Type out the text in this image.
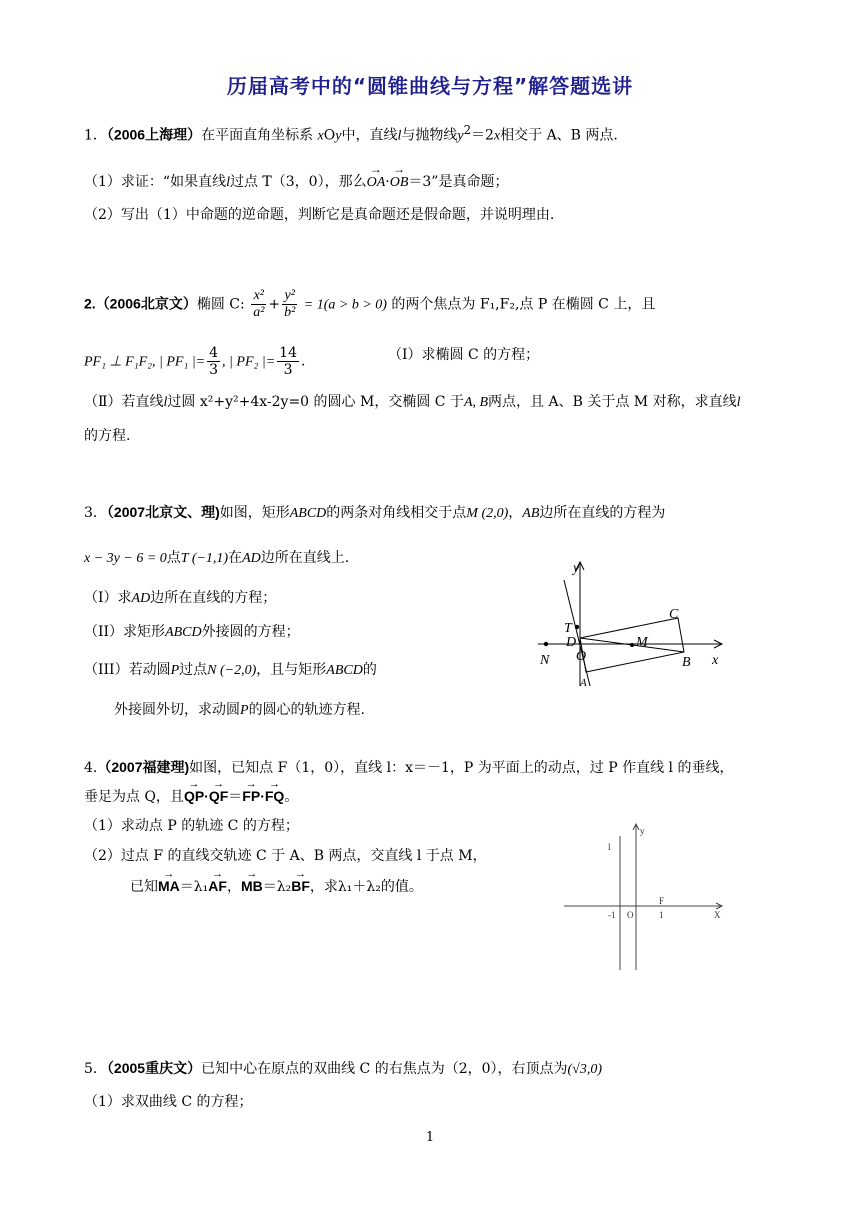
历届高考中的“圆锥曲线与方程”解答题选讲
1．（2006上海理）在平面直角坐标系 xOy中，直线l与抛物线$y^2=2x$相交于 A、B 两点.
（1）求证：“如果直线l过点 T（3，0），那么→ OA·→ OB＝3”是真命题；
（2）写出（1）中命题的逆命题，判断它是真命题还是假命题，并说明理由.
2.（2006北京文）椭圆 C: $\frac{\text{x²}}{\text{a²}} + \frac{\text{y²}}{\text{b²}} = 1(a > b > 0)$ 的两个焦点为 F₁,F₂,点 P 在椭圆 C 上，且
PF₁ ⊥ F₁F₂, | PF₁ |= $\frac{4}{3}$ , | PF₂ |= $\frac{14}{3}$ .	（Ⅰ）求椭圆 C 的方程；
（Ⅱ）若直线l过圆 x²+y²+4x-2y=0 的圆心 M，交椭圆 C 于A, B两点，且 A、B 关于点 M 对称，求直线l
的方程.
3．（2007北京文、理)如图，矩形ABCD的两条对角线相交于点M (2,0)，AB边所在直线的方程为
x − 3y − 6 = 0点T (−1,1)在AD边所在直线上.
（I）求AD边所在直线的方程；
（II）求矩形ABCD外接圆的方程；
（III）若动圆P过点N (−2,0)，且与矩形ABCD的
外接圆外切，求动圆P的圆心的轨迹方程.
y
x
T
D
O
C
M
N	B
A
4.（2007福建理)如图，已知点 F（1，0），直线 l：x＝－1，P 为平面上的动点，过 P 作直线 l 的垂线，
垂足为点 Q，且→ QP·→ QF＝→ FP·→ FQ。
（1）求动点 P 的轨迹 C 的方程；
（2）过点 F 的直线交轨迹 C 于 A、B 两点，交直线 l 于点 M，
已知→ MA＝λ₁→ AF，→ MB＝λ₂→ BF，求λ₁＋λ₂的值。
l
y
-1 O
F
1	X
5．（2005重庆文）已知中心在原点的双曲线 C 的右焦点为（2，0），右顶点为(√3,0)
（1）求双曲线 C 的方程；
1
